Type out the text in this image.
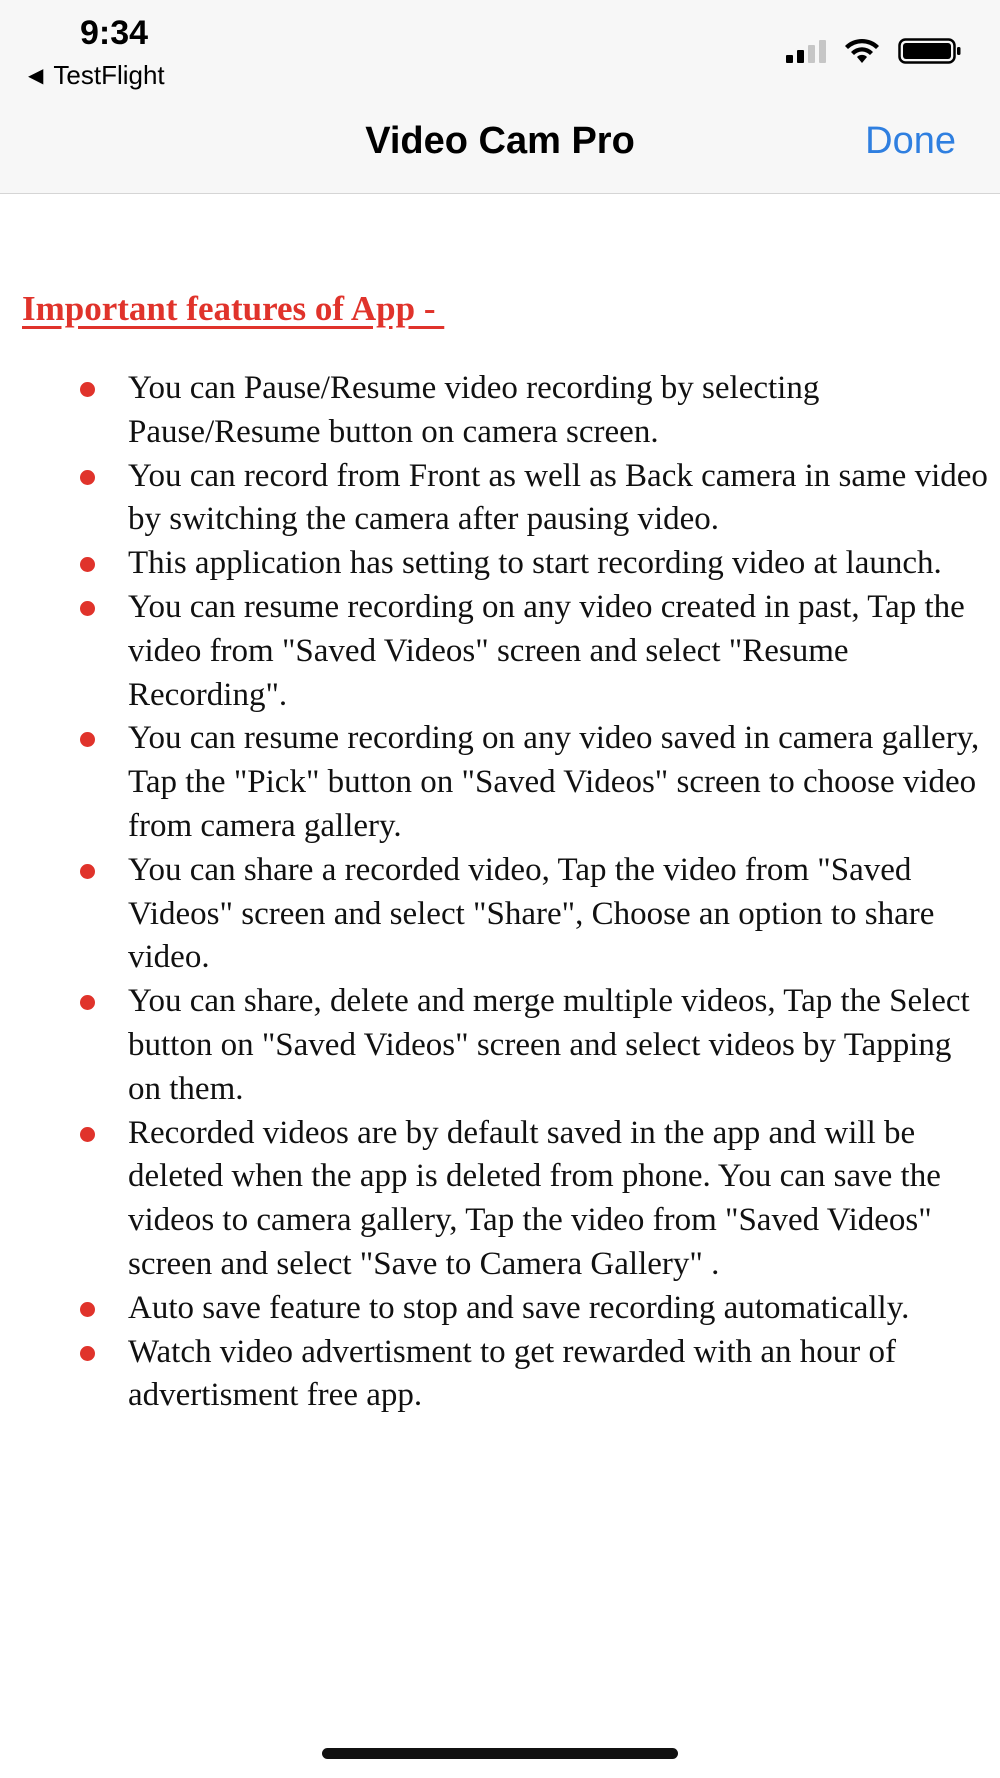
9:34
◀ TestFlight
Video Cam Pro	Done
Important features of App -
You can Pause/Resume video recording by selecting Pause/Resume button on camera screen.
You can record from Front as well as Back camera in same video by switching the camera after pausing video.
This application has setting to start recording video at launch.
You can resume recording on any video created in past, Tap the video from "Saved Videos" screen and select "Resume Recording".
You can resume recording on any video saved in camera gallery, Tap the "Pick" button on "Saved Videos" screen to choose video from camera gallery.
You can share a recorded video, Tap the video from "Saved Videos" screen and select "Share", Choose an option to share video.
You can share, delete and merge multiple videos, Tap the Select button on "Saved Videos" screen and select videos by Tapping on them.
Recorded videos are by default saved in the app and will be deleted when the app is deleted from phone. You can save the videos to camera gallery, Tap the video from "Saved Videos" screen and select "Save to Camera Gallery" .
Auto save feature to stop and save recording automatically.
Watch video advertisment to get rewarded with an hour of advertisment free app.
